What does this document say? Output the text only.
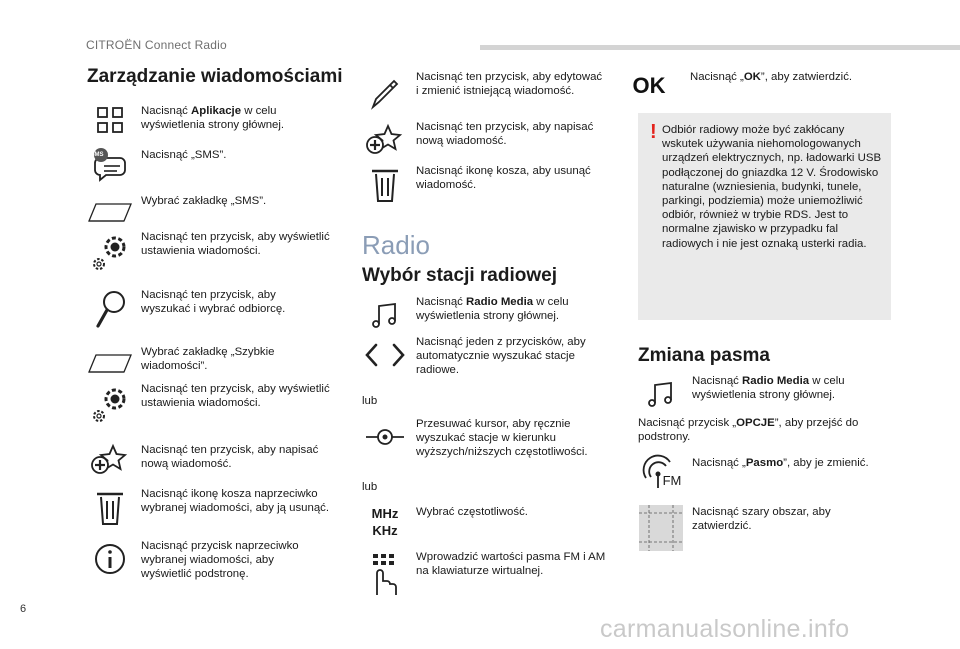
CITROËN Connect Radio
6
carmanualsonline.info
Zarządzanie wiadomościami
Nacisnąć Aplikacje w celu wyświetlenia strony głównej.
SMS	Nacisnąć „SMS”.
Wybrać zakładkę „SMS”.
Nacisnąć ten przycisk, aby wyświetlić ustawienia wiadomości.
Nacisnąć ten przycisk, aby wyszukać i wybrać odbiorcę.
Wybrać zakładkę „Szybkie wiadomości”.
Nacisnąć ten przycisk, aby wyświetlić ustawienia wiadomości.
Nacisnąć ten przycisk, aby napisać nową wiadomość.
Nacisnąć ikonę kosza naprzeciwko wybranej wiadomości, aby ją usunąć.
Nacisnąć przycisk naprzeciwko wybranej wiadomości, aby wyświetlić podstronę.
Nacisnąć ten przycisk, aby edytować i zmienić istniejącą wiadomość.
Nacisnąć ten przycisk, aby napisać nową wiadomość.
Nacisnąć ikonę kosza, aby usunąć wiadomość.
Radio
Wybór stacji radiowej
Nacisnąć Radio Media w celu wyświetlenia strony głównej.
Nacisnąć jeden z przycisków, aby automatycznie wyszukać stacje radiowe.
lub
Przesuwać kursor, aby ręcznie wyszukać stacje w kierunku wyższych/niższych częstotliwości.
lub
MHz
KHz
Wybrać częstotliwość.
Wprowadzić wartości pasma FM i AM na klawiaturze wirtualnej.
OK Nacisnąć „OK”, aby zatwierdzić.
! Odbiór radiowy może być zakłócany wskutek używania niehomologowanych urządzeń elektrycznych, np. ładowarki USB podłączonej do gniazdka 12 V. Środowisko naturalne (wzniesienia, budynki, tunele, parkingi, podziemia) może uniemożliwić odbiór, również w trybie RDS. Jest to normalne zjawisko w przypadku fal radiowych i nie jest oznaką usterki radia.
Zmiana pasma
Nacisnąć Radio Media w celu wyświetlenia strony głównej.
Nacisnąć przycisk „OPCJE”, aby przejść do podstrony.
FM
Nacisnąć „Pasmo”, aby je zmienić.
Nacisnąć szary obszar, aby zatwierdzić.
